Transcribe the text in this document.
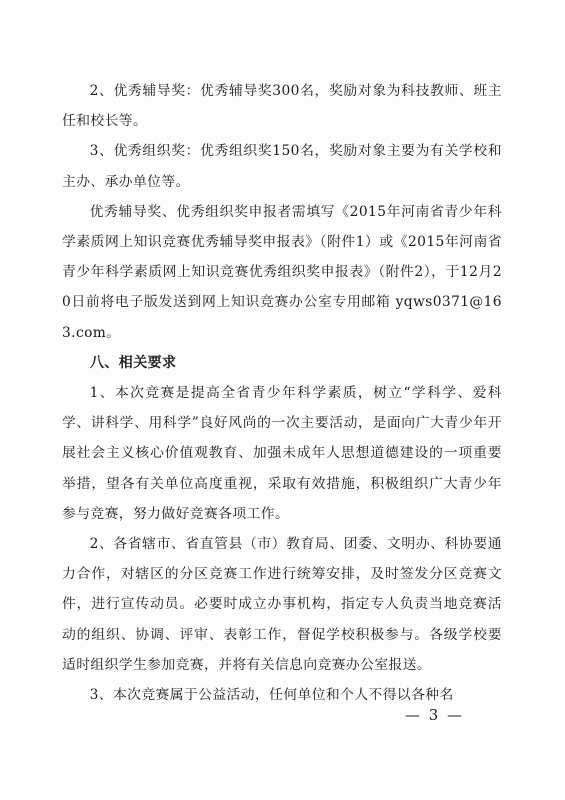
2、优秀辅导奖：优秀辅导奖300名，奖励对象为科技教师、班主任和校长等。

3、优秀组织奖：优秀组织奖150名，奖励对象主要为有关学校和主办、承办单位等。

优秀辅导奖、优秀组织奖申报者需填写《2015年河南省青少年科学素质网上知识竞赛优秀辅导奖申报表》（附件1）或《2015年河南省青少年科学素质网上知识竞赛优秀组织奖申报表》（附件2），于12月20日前将电子版发送到网上知识竞赛办公室专用邮箱 yqws0371@163.com。

八、相关要求

1、本次竞赛是提高全省青少年科学素质，树立“学科学、爱科学、讲科学、用科学”良好风尚的一次主要活动，是面向广大青少年开展社会主义核心价值观教育、加强未成年人思想道德建设的一项重要举措，望各有关单位高度重视，采取有效措施，积极组织广大青少年参与竞赛，努力做好竞赛各项工作。

2、各省辖市、省直管县（市）教育局、团委、文明办、科协要通力合作，对辖区的分区竞赛工作进行统筹安排，及时签发分区竞赛文件，进行宣传动员。必要时成立办事机构，指定专人负责当地竞赛活动的组织、协调、评审、表彰工作，督促学校积极参与。各级学校要适时组织学生参加竞赛，并将有关信息向竞赛办公室报送。

3、本次竞赛属于公益活动，任何单位和个人不得以各种名

— 3 —
